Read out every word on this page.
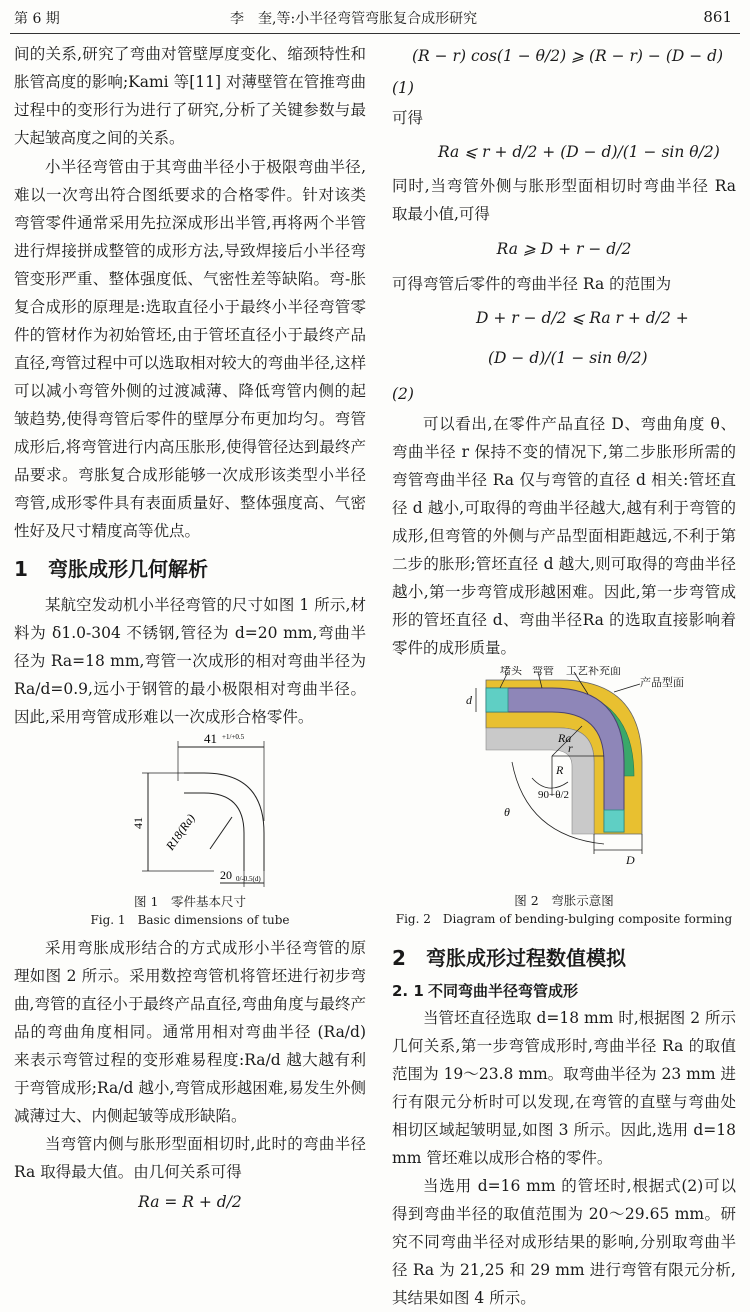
第 6 期	李　奎,等:小半径弯管弯胀复合成形研究	861

间的关系,研究了弯曲对管壁厚度变化、缩颈特性和胀管高度的影响;Kami 等[11] 对薄壁管在管推弯曲过程中的变形行为进行了研究,分析了关键参数与最大起皱高度之间的关系。

小半径弯管由于其弯曲半径小于极限弯曲半径,难以一次弯出符合图纸要求的合格零件。针对该类弯管零件通常采用先拉深成形出半管,再将两个半管进行焊接拼成整管的成形方法,导致焊接后小半径弯管变形严重、整体强度低、气密性差等缺陷。弯-胀复合成形的原理是:选取直径小于最终小半径弯管零件的管材作为初始管坯,由于管坯直径小于最终产品直径,弯管过程中可以选取相对较大的弯曲半径,这样可以减小弯管外侧的过渡减薄、降低弯管内侧的起皱趋势,使得弯管后零件的壁厚分布更加均匀。弯管成形后,将弯管进行内高压胀形,使得管径达到最终产品要求。弯胀复合成形能够一次成形该类型小半径弯管,成形零件具有表面质量好、整体强度高、气密性好及尺寸精度高等优点。

1 弯胀成形几何解析

某航空发动机小半径弯管的尺寸如图 1 所示,材料为 δ1.0-304 不锈钢,管径为 d=20 mm,弯曲半径为 Ra=18 mm,弯管一次成形的相对弯曲半径为 Ra/d=0.9,远小于钢管的最小极限相对弯曲半径。因此,采用弯管成形难以一次成形合格零件。

41 +1/+0.5
41 R18(Ra)
20 0/-0.5(d)
图 1　零件基本尺寸
Fig. 1　Basic dimensions of tube

采用弯胀成形结合的方式成形小半径弯管的原理如图 2 所示。采用数控弯管机将管坯进行初步弯曲,弯管的直径小于最终产品直径,弯曲角度与最终产品的弯曲角度相同。通常用相对弯曲半径 (Ra/d) 来表示弯管过程的变形难易程度:Ra/d 越大越有利于弯管成形;Ra/d 越小,弯管成形越困难,易发生外侧减薄过大、内侧起皱等成形缺陷。

当弯管内侧与胀形型面相切时,此时的弯曲半径 Ra 取得最大值。由几何关系可得

Ra = R + d/2
(R − r) cos(1 − θ/2) ⩾ (R − r) − (D − d)
(1)

可得

Ra ⩽ r + d/2 + (D − d)/(1 − sin θ/2)

同时,当弯管外侧与胀形型面相切时弯曲半径 Ra 取最小值,可得

Ra ⩾ D + r − d/2

可得弯管后零件的弯曲半径 Ra 的范围为

D + r − d/2 ⩽ Ra r + d/2 +
(D − d)/(1 − sin θ/2)
(2)

可以看出,在零件产品直径 D、弯曲角度 θ、弯曲半径 r 保持不变的情况下,第二步胀形所需的弯管弯曲半径 Ra 仅与弯管的直径 d 相关:管坯直径 d 越小,可取得的弯曲半径越大,越有利于弯管的成形,但弯管的外侧与产品型面相距越远,不利于第二步的胀形;管坯直径 d 越大,则可取得的弯曲半径越小,第一步弯管成形越困难。因此,第一步弯管成形的管坯直径 d、弯曲半径Ra 的选取直接影响着零件的成形质量。

堵头 弯管 工艺补充面
产品型面
d
Ra
r
R
90−θ/2
θ
D
图 2　弯胀示意图
Fig. 2　Diagram of bending-bulging composite forming
2 弯胀成形过程数值模拟
2. 1 不同弯曲半径弯管成形

当管坯直径选取 d=18 mm 时,根据图 2 所示几何关系,第一步弯管成形时,弯曲半径 Ra 的取值范围为 19～23.8 mm。取弯曲半径为 23 mm 进行有限元分析时可以发现,在弯管的直壁与弯曲处相切区域起皱明显,如图 3 所示。因此,选用 d=18 mm 管坯难以成形合格的零件。

当选用 d=16 mm 的管坯时,根据式(2)可以得到弯曲半径的取值范围为 20～29.65 mm。研究不同弯曲半径对成形结果的影响,分别取弯曲半径 Ra 为 21,25 和 29 mm 进行弯管有限元分析,其结果如图 4 所示。
